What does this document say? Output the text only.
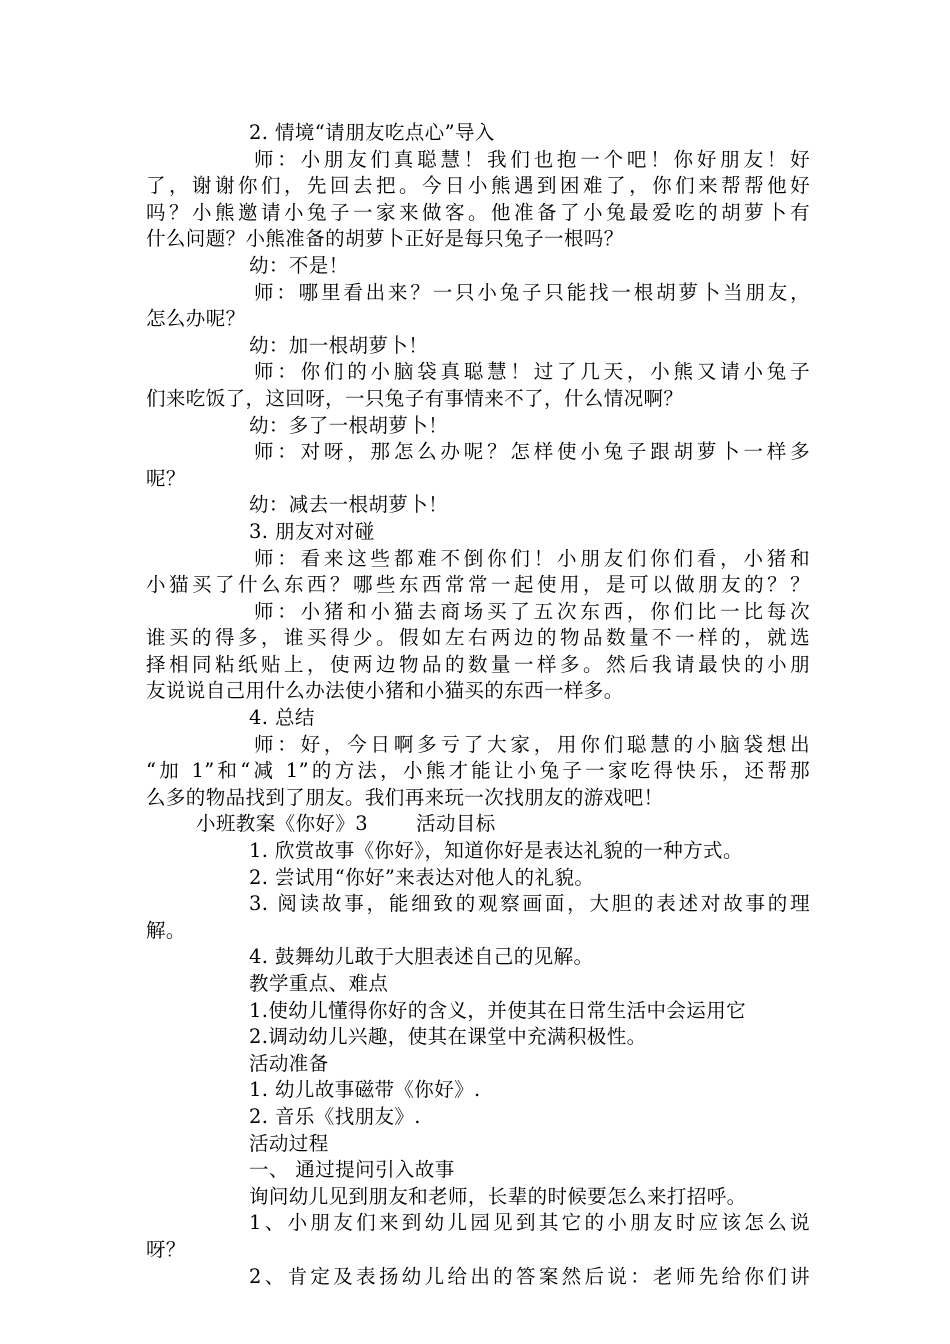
2. 情境“请朋友吃点心”导入
师：小朋友们真聪慧！我们也抱一个吧！你好朋友！好
了，谢谢你们，先回去把。今日小熊遇到困难了，你们来帮帮他好
吗？小熊邀请小兔子一家来做客。他准备了小兔最爱吃的胡萝卜有
什么问题？小熊准备的胡萝卜正好是每只兔子一根吗？
幼：不是！
师：哪里看出来？一只小兔子只能找一根胡萝卜当朋友，
怎么办呢？
幼：加一根胡萝卜！
师：你们的小脑袋真聪慧！过了几天，小熊又请小兔子
们来吃饭了，这回呀，一只兔子有事情来不了，什么情况啊？
幼：多了一根胡萝卜！
师：对呀，那怎么办呢？怎样使小兔子跟胡萝卜一样多
呢？
幼：减去一根胡萝卜！
3. 朋友对对碰
师：看来这些都难不倒你们！小朋友们你们看，小猪和
小猫买了什么东西？哪些东西常常一起使用，是可以做朋友的？？
师：小猪和小猫去商场买了五次东西，你们比一比每次
谁买的得多，谁买得少。假如左右两边的物品数量不一样的，就选
择相同粘纸贴上，使两边物品的数量一样多。然后我请最快的小朋
友说说自己用什么办法使小猪和小猫买的东西一样多。
4. 总结
师：好，今日啊多亏了大家，用你们聪慧的小脑袋想出
“加 1”和“减 1”的方法，小熊才能让小兔子一家吃得快乐，还帮那
么多的物品找到了朋友。我们再来玩一次找朋友的游戏吧！
小班教案《你好》3 活动目标
1. 欣赏故事《你好》，知道你好是表达礼貌的一种方式。
2. 尝试用“你好”来表达对他人的礼貌。
3. 阅读故事，能细致的观察画面，大胆的表述对故事的理
解。
4. 鼓舞幼儿敢于大胆表述自己的见解。
教学重点、难点
1.使幼儿懂得你好的含义，并使其在日常生活中会运用它
2.调动幼儿兴趣，使其在课堂中充满积极性。
活动准备
1. 幼儿故事磁带《你好》.
2. 音乐《找朋友》.
活动过程
一、 通过提问引入故事
询问幼儿见到朋友和老师，长辈的时候要怎么来打招呼。
1、小朋友们来到幼儿园见到其它的小朋友时应该怎么说
呀？
2、肯定及表扬幼儿给出的答案然后说：老师先给你们讲
